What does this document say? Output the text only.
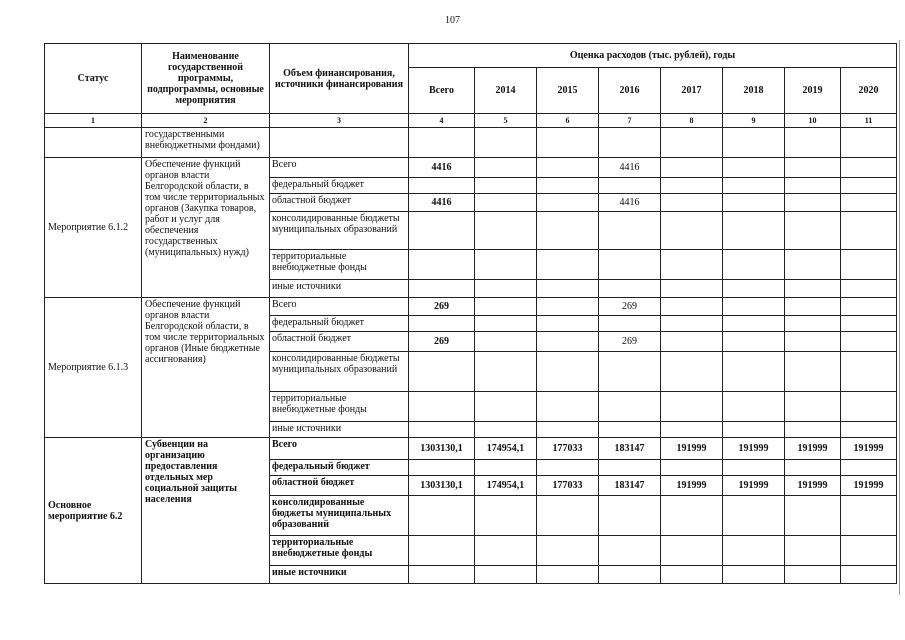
107
Статус	Наименование государственной программы, подпрограммы, основные мероприятия	Объем финансирования, источники финансирования	Оценка расходов (тыс. рублей), годы							
			Всего	2014	2015	2016	2017	2018	2019	2020
1	2	3	4	5	6	7	8	9	10	11
	государственными внебюджетными фондами)									
Мероприятие 6.1.2	Обеспечение функций органов власти Белгородской области, в том числе территориальных органов (Закупка товаров, работ и услуг для обеспечения государственных (муниципальных) нужд)	Всего	4416			4416				
		федеральный бюджет								
		областной бюджет	4416			4416				
		консолидированные бюджеты муниципальных образований								
		территориальные внебюджетные фонды								
		иные источники								
Мероприятие 6.1.3	Обеспечение функций органов власти Белгородской области, в том числе территориальных органов (Иные бюджетные ассигнования)	Всего	269			269				
		федеральный бюджет								
		областной бюджет	269			269				
		консолидированные бюджеты муниципальных образований								
		территориальные внебюджетные фонды								
		иные источники								
Основное мероприятие 6.2	Субвенции на организацию предоставления отдельных мер социальной защиты населения	Всего	1303130,1	174954,1	177033	183147	191999	191999	191999	191999
		федеральный бюджет								
		областной бюджет	1303130,1	174954,1	177033	183147	191999	191999	191999	191999
		консолидированные бюджеты муниципальных образований								
		территориальные внебюджетные фонды								
		иные источники								
